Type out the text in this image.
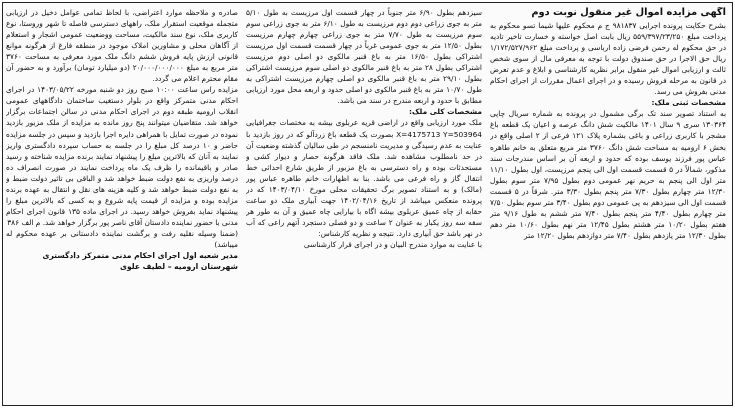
آگهی مزایده اموال غیر منقول نوبت دوم

بشرح حکایت پرونده اجرایی ۹۸۱۸۳۷ ج م محکوم علیها شیما تسو محکوم به پرداخت مبلغ ۵۵۹/۳۹۷/۲۳/۲۵۰ ریال بابت اصل خواسته و خسارت تاخیر تادیه در حق محکوم له رحمن فرضی زاده ارباسی و پرداخت مبلغ ۱/۱۷۲/۵۲۷/۹۶۲ ریال حق الاجرا در حق صندوق دولت با توجه به معرفی مال از سوی شخص ثالث و ارزیابی اموال غیر منقول برابر نظریه کارشناسی و ابلاغ و عدم تعرض در قانون به مرحله فروش رسیده و در اجرای اعمال مقررات از اجرای احکام مدنی بفروش می رسد.

مشخصات ثبتی ملک:

به استناد تصویر سند تک برگی مشمول در پرونده به شماره سریال چاپی ۱۳۰۳۶۴ سری ۹ سال ۱۴۰۱ مالکیت شش دانگ عرصه و اعیان یک قطعه باغ مشجر با کاربری زراعی و باغی بشماره پلاک ۱۲۱ فرعی از ۲ اصلی واقع در بخش ۶ ارومیه به مساحت شش دانگ ۳۷۶۰ متر مربع متعلق به خانم طاهره عباس پور فرزند یوسف بوده که حدود و اربعه آن بر اساس مندرجات سند مذکور، شمالاً در ۵ قسمت قسمت اول الی پنجم مرزیست، اول بطول ۱۱/۱۰ متر اول الی پنجم به حریم نهر عمومی دوم بطول ۷/۹۵ متر سوم بطول ۱۲/۳۰ متر چهارم بطول ۷/۳۰ متر پنجم بطول ۳/۳۰ متر. شرقاً در ۵ قسمت قسمت اول الی سیزدهم به پی عمومی دوم بطول ۳/۴۰ متر سوم بطول ۷/۵۰ متر چهارم بطول ۴/۴۰ متر پنجم بطول ۷/۴۰ متر ششم به طول ۹/۱۶ متر هفتم بطول ۱۰/۲۰ متر هشتم بطول ۱۲/۴۵ متر نهم بطول ۱۰/۶۰ متر دهم بطول ۱۲/۳۰ متر یازدهم بطول ۷/۴۰ متر دوازدهم بطول ۱۲/۲۰ متر

سیزدهم بطول ۶/۹۰ متر جنوباً در چهار قسمت اول مرزیست به طول ۵/۱۰ متر به جوی زراعی دوم دوم مرزیست به طول ۶/۱۰ متر به جوی زراعی سوم سوم مرزیست به طول ۷/۷۰ متر به جوی زراعی چهارم چهارم مرزیست بطول ۱۲/۵۰ متر به جوی عمومی غرباً در چهار قسمت قسمت اول مرزیست اشتراکی بطول ۱۶/۵۰ متر به باغ قنبر مالکوی دو اصلی دوم مرزیست اشتراکی بطول ۲۸ متر به باغ قنبر مالکوی دو اصلی سوم مرزیست اشتراکی بطول ۲۹/۱۰ متر به باغ قنبر مالکوی دو اصلی چهارم مرزیست اشتراکی به طول ۱۰/۷۰ متر به باغ قنبر مالکوی دو اصلی حدود و اربعه محل مورد ارزیابی مطابق با حدود و اربعه مندرج در سند می باشد.

مشخصات کلی ملک:

ملک مورد ارزیابی واقع در اراضی قریه عربلوی بیشه به مختصات جغرافیایی X=4175713 Y=503964 بصورت یک قطعه باغ زردآلو که در روز بازدید با عنایت به عدم رسیدگی و مدیریت نامنسجم در طی سالیان گذشته وضعیت آن در حد نامطلوب مشاهده شد. ملک فاقد هرگونه حصار و دیوار کشی و مستحدثات بوده و راه دسترسی به باغ مزبور از طریق شارع احداثی خط انتقال گاز و راه فرعی می باشد. بنا به اظهارات خانم طاهره عباس پور (مالک) و به استناد تصویر برگ تحقیقات محلی مورخ ۱۴۰۳/۰۴/۱۰ که در پرونده منعکس میباشد از تاریخ ۱۴۰۲/۰۴/۱۶ جهت آبیاری ملک دو ساعت حقابه از چاه عمیق عربلوی بیشه اگاه با بیارایی چاه عمیق و آن به طور هر سقه سه روز یکبار به عنوان ۲ ساعت و دو فصلی دستجرد آتهم راعی که آب در نهر باشد حق آبیاری دارد. نتیجه و نظریه کارشناس:

با عنایت به موارد مندرج البیان و در اجرای قرار کارشناسی

صادره و ملاحظه موارد اعتراضی، با لحاظ تمامی عوامل دخیل در ارزیابی متجمله موقعیت استقرار ملک، راههای دسترسی فاصله تا شهر وروستا، نوع کاربری ملک، نوع سند مالکیت، مساحت ووضعیت عمومی اشجار و استعلام از آگاهان محلی و مشاورین املاک موجود در منطقه فارغ از هرگونه موانع قانونی ارزش پایه فروش ششم دانگ ملک مورد معرفی به مساحت ۳۷۶۰ متر مربع به مبلغ ۲۰/۰۰۰/۰۰۰/۰۰۰ (دو میلیارد تومان) برآورد و به حضور آن مقام محترم اعلام می گردد.

مزایده راس ساعت ۱۰:۰۰ صبح روز دو شنبه مورخه ۱۴۰۳/۰۵/۲۲ در اجرای احکام مدنی متمرکز واقع در بلوار دستغیب ساختمان دادگاههای عمومی انقلاب ارومیه طبقه دوم در اجرای احکام مدنی در سالن اجتماعات برگزار خواهد شد. متقاضیان میتوانند پنج روز مانده به مزایده از ملک مزبور بازدید نموده در صورت تمایل با همراهی دایره اجرا بازدید و سپس در جلسه مزایده حاضر و ۱۰ درصد کل مبلغ را در جلسه به حساب سپرده دادگستری واریز نمایند به آنان که بالاترین مبلغ را پیشنهاد نمایند برنده مزایده شناخته و رسید صادر و باقیمانده را ظرف یک ماه پرداخت نمایند در صورت انصراف ده درصد واریزی به نفع دولت ضبط خواهد شد و الباقی بی تاثیر دولت ضبط و به نفع دولت ضبط خواهد شد و کلیه هزینه های نقل و انتقال به عهده برنده مزایده بوده و مزایده از قیمت پایه شروع و به کسی که بالاترین مبلغ را پیشنهاد نماید بفروش خواهد رسید. در اجرای ماده ۱۳۵ قانون اجرای احکام مدنی با حضور نماینده دادستان آقای ناصر پور برگزار خواهد شد. م الف ۳۸۶

(ضمنا وسیله نقلیه رفت و برگشت نماینده دادستانی بر عهده محکوم له میباشد)

مدیر شعبه اول اجرای احکام مدنی متمرکز دادگستری
شهرستان ارومیه – لطیف علوی
